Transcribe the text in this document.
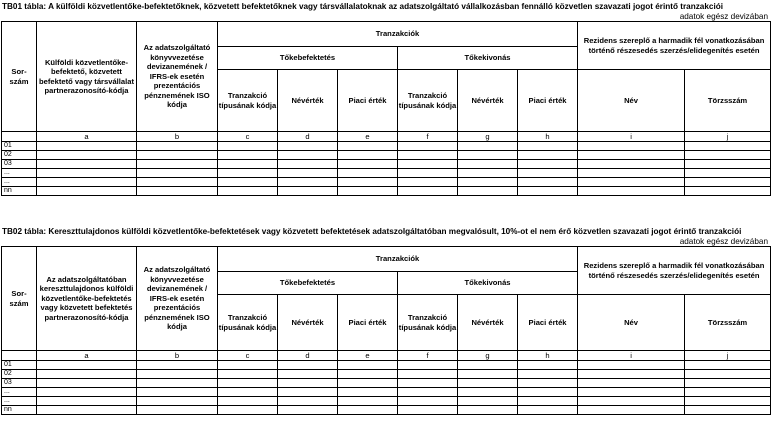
TB01 tábla: A külföldi közvetlentőke-befektetőknek, közvetett befektetőknek vagy társvállalatoknak az adatszolgáltató vállalkozásban fennálló közvetlen szavazati jogot érintő tranzakciói
adatok egész devizában
Sor-szám	Külföldi közvetlentőke-befektető, közvetett befektető vagy társvállalat partnerazonosító-kódja	Az adatszolgáltató könyvvezetése devizanemének / IFRS-ek esetén prezentációs pénznemének ISO kódja	Tranzakciók						Rezidens szereplő a harmadik fél vonatkozásában történő részesedés szerzés/elidegenítés esetén	
			Tőkebefektetés			Tőkekivonás				
			Tranzakció típusának kódja	Névérték	Piaci érték	Tranzakció típusának kódja	Névérték	Piaci érték	Név	Törzsszám
	a	b	c	d	e	f	g	h	i	j
01										
02										
03										
...										
...										
nn										
TB02 tábla: Kereszttulajdonos külföldi közvetlentőke-befektetések vagy közvetett befektetések adatszolgáltatóban megvalósult, 10%-ot el nem érő közvetlen szavazati jogot érintő tranzakciói
adatok egész devizában
Sor-szám	Az adatszolgáltatóban kereszttulajdonos külföldi közvetlentőke-befektetés vagy közvetett befektetés partnerazonosító-kódja	Az adatszolgáltató könyvvezetése devizanemének / IFRS-ek esetén prezentációs pénznemének ISO kódja	Tranzakciók						Rezidens szereplő a harmadik fél vonatkozásában történő részesedés szerzés/elidegenítés esetén	
			Tőkebefektetés			Tőkekivonás				
			Tranzakció típusának kódja	Névérték	Piaci érték	Tranzakció típusának kódja	Névérték	Piaci érték	Név	Törzsszám
	a	b	c	d	e	f	g	h	i	j
01										
02										
03										
...										
...										
nn										
